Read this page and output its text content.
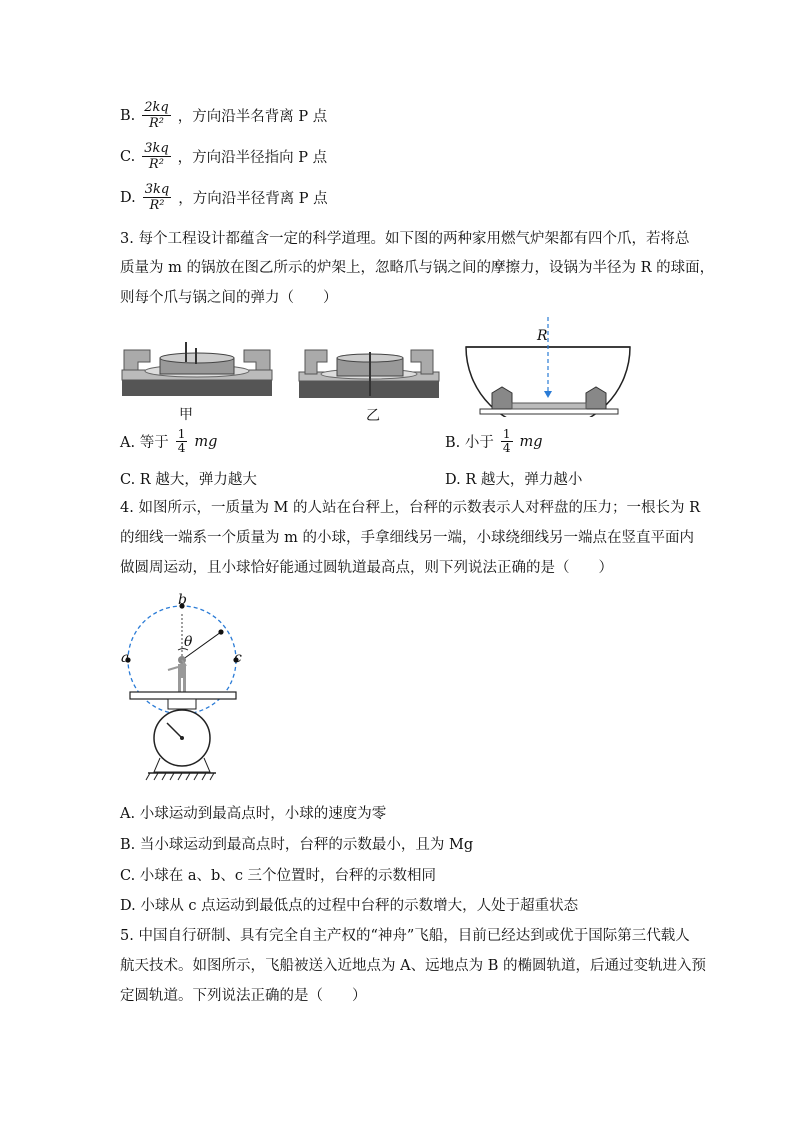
B. $\frac{2kq}{\text{R²}}$ ，方向沿半名背离 P 点
C. $\frac{3kq}{\text{R²}}$ ，方向沿半径指向 P 点
D. $\frac{3kq}{\text{R²}}$ ，方向沿半径背离 P 点
3. 每个工程设计都蕴含一定的科学道理。如下图的两种家用燃气炉架都有四个爪，若将总
质量为 m 的锅放在图乙所示的炉架上，忽略爪与锅之间的摩擦力，设锅为半径为 R 的球面，
则每个爪与锅之间的弹力（　　）
甲	乙
R
A. 等于 $\frac{1}{4}$ mg	B. 小于 $\frac{1}{4}$ mg
C. R 越大，弹力越大	D. R 越大，弹力越小
4. 如图所示，一质量为 M 的人站在台秤上，台秤的示数表示人对秤盘的压力；一根长为 R
的细线一端系一个质量为 m 的小球，手拿细线另一端，小球绕细线另一端点在竖直平面内
做圆周运动，且小球恰好能通过圆轨道最高点，则下列说法正确的是（　　）
b
a	c
θ
A. 小球运动到最高点时，小球的速度为零
B. 当小球运动到最高点时，台秤的示数最小，且为 Mg
C. 小球在 a、b、c 三个位置时，台秤的示数相同
D. 小球从 c 点运动到最低点的过程中台秤的示数增大，人处于超重状态
5. 中国自行研制、具有完全自主产权的“神舟”飞船，目前已经达到或优于国际第三代载人
航天技术。如图所示，飞船被送入近地点为 A、远地点为 B 的椭圆轨道，后通过变轨进入预
定圆轨道。下列说法正确的是（　　）
